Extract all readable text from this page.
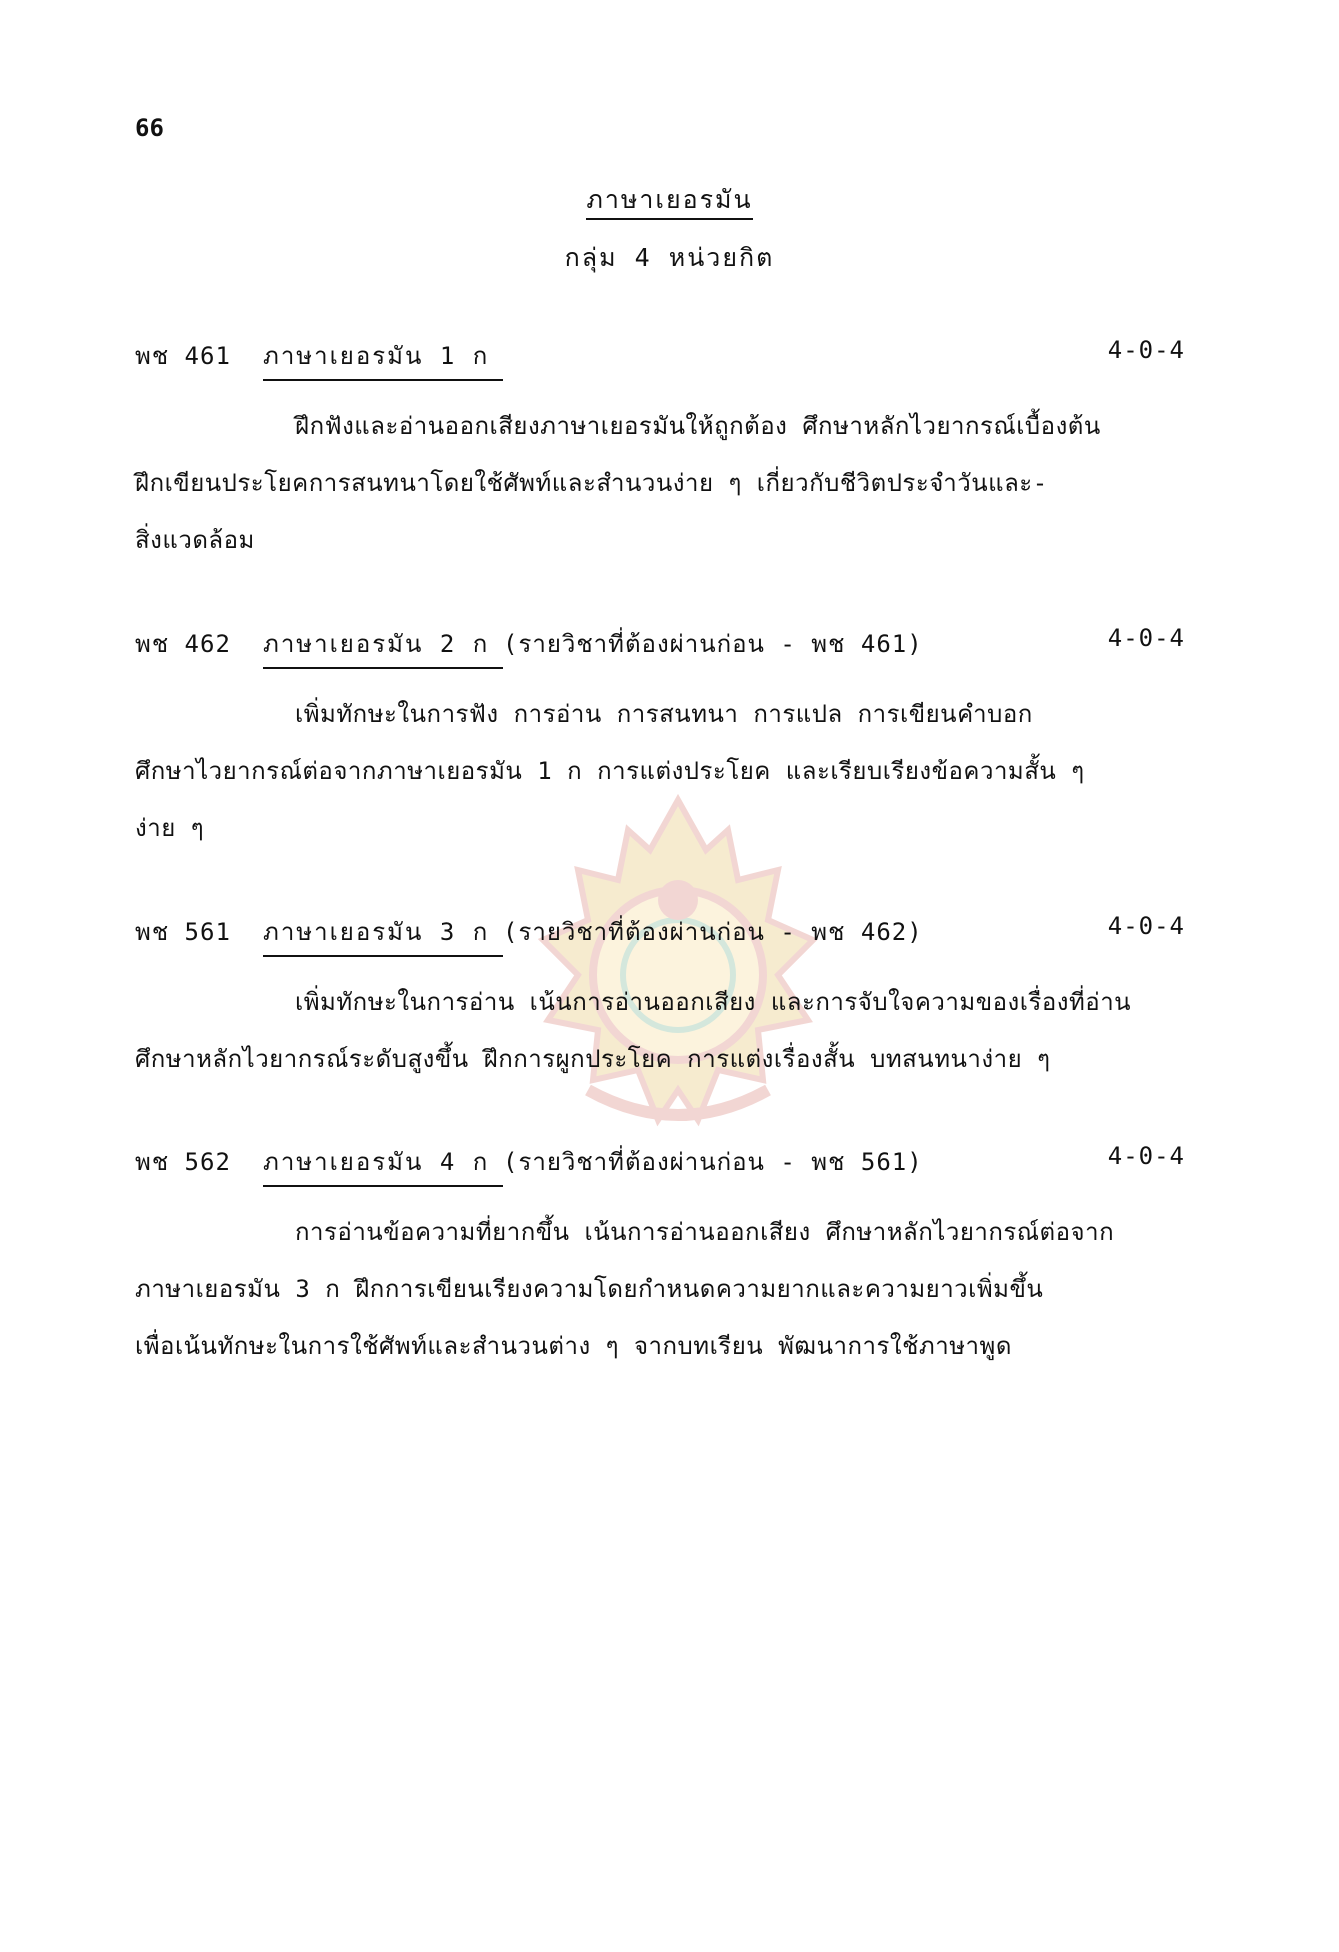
66
ภาษาเยอรมัน
กลุ่ม 4 หน่วยกิต
พช 461 ภาษาเยอรมัน 1 ก	4-0-4
ฝึกฟังและอ่านออกเสียงภาษาเยอรมันให้ถูกต้อง ศึกษาหลักไวยากรณ์เบื้องต้น
ฝึกเขียนประโยคการสนทนาโดยใช้ศัพท์และสำนวนง่าย ๆ เกี่ยวกับชีวิตประจำวันและ-
สิ่งแวดล้อม
พช 462 ภาษาเยอรมัน 2 ก (รายวิชาที่ต้องผ่านก่อน - พช 461)	4-0-4
เพิ่มทักษะในการฟัง การอ่าน การสนทนา การแปล การเขียนคำบอก
ศึกษาไวยากรณ์ต่อจากภาษาเยอรมัน 1 ก การแต่งประโยค และเรียบเรียงข้อความสั้น ๆ
ง่าย ๆ
พช 561 ภาษาเยอรมัน 3 ก (รายวิชาที่ต้องผ่านก่อน - พช 462)	4-0-4
เพิ่มทักษะในการอ่าน เน้นการอ่านออกเสียง และการจับใจความของเรื่องที่อ่าน
ศึกษาหลักไวยากรณ์ระดับสูงขึ้น ฝึกการผูกประโยค การแต่งเรื่องสั้น บทสนทนาง่าย ๆ
พช 562 ภาษาเยอรมัน 4 ก (รายวิชาที่ต้องผ่านก่อน - พช 561)	4-0-4
การอ่านข้อความที่ยากขึ้น เน้นการอ่านออกเสียง ศึกษาหลักไวยากรณ์ต่อจาก
ภาษาเยอรมัน 3 ก ฝึกการเขียนเรียงความโดยกำหนดความยากและความยาวเพิ่มขึ้น
เพื่อเน้นทักษะในการใช้ศัพท์และสำนวนต่าง ๆ จากบทเรียน พัฒนาการใช้ภาษาพูด
